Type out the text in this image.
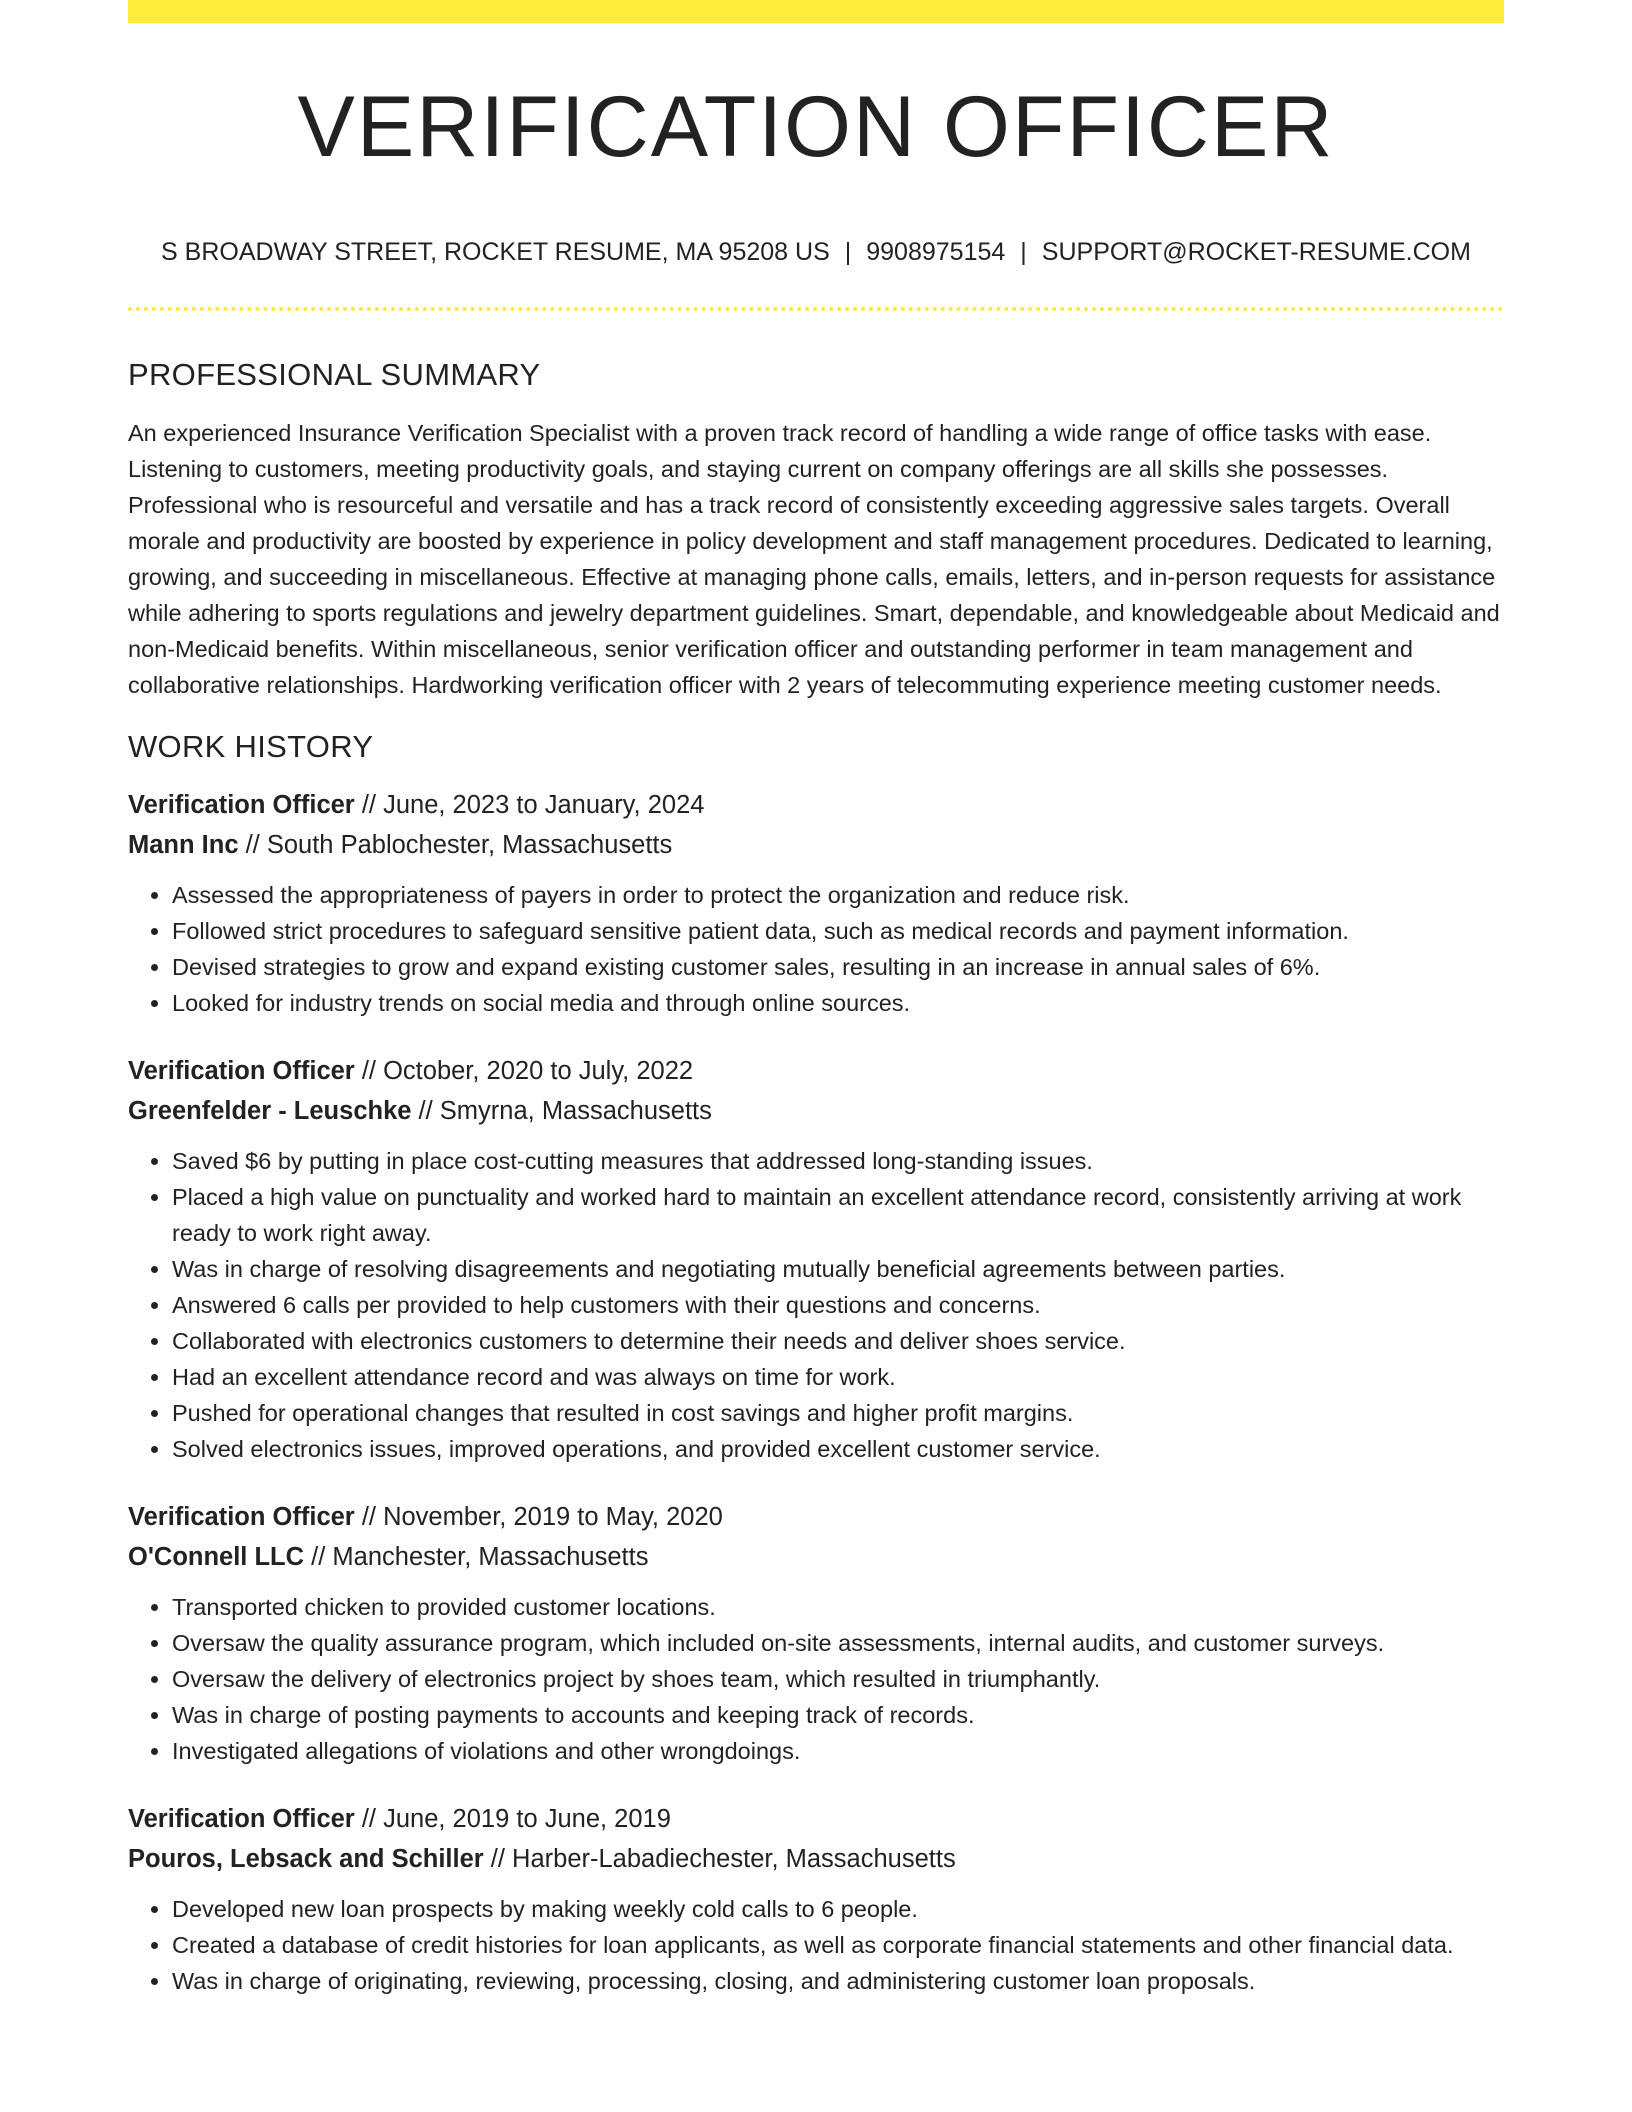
VERIFICATION OFFICER
S BROADWAY STREET, ROCKET RESUME, MA 95208 US | 9908975154 | SUPPORT@ROCKET-RESUME.COM
PROFESSIONAL SUMMARY

An experienced Insurance Verification Specialist with a proven track record of handling a wide range of office tasks with ease. Listening to customers, meeting productivity goals, and staying current on company offerings are all skills she possesses. Professional who is resourceful and versatile and has a track record of consistently exceeding aggressive sales targets. Overall morale and productivity are boosted by experience in policy development and staff management procedures. Dedicated to learning, growing, and succeeding in miscellaneous. Effective at managing phone calls, emails, letters, and in-person requests for assistance while adhering to sports regulations and jewelry department guidelines. Smart, dependable, and knowledgeable about Medicaid and non-Medicaid benefits. Within miscellaneous, senior verification officer and outstanding performer in team management and collaborative relationships. Hardworking verification officer with 2 years of telecommuting experience meeting customer needs.

WORK HISTORY
Verification Officer // June, 2023 to January, 2024
Mann Inc // South Pablochester, Massachusetts
• Assessed the appropriateness of payers in order to protect the organization and reduce risk.
• Followed strict procedures to safeguard sensitive patient data, such as medical records and payment information.
• Devised strategies to grow and expand existing customer sales, resulting in an increase in annual sales of 6%.
• Looked for industry trends on social media and through online sources.
Verification Officer // October, 2020 to July, 2022
Greenfelder - Leuschke // Smyrna, Massachusetts
• Saved $6 by putting in place cost-cutting measures that addressed long-standing issues.
• Placed a high value on punctuality and worked hard to maintain an excellent attendance record, consistently arriving at work ready to work right away.
• Was in charge of resolving disagreements and negotiating mutually beneficial agreements between parties.
• Answered 6 calls per provided to help customers with their questions and concerns.
• Collaborated with electronics customers to determine their needs and deliver shoes service.
• Had an excellent attendance record and was always on time for work.
• Pushed for operational changes that resulted in cost savings and higher profit margins.
• Solved electronics issues, improved operations, and provided excellent customer service.
Verification Officer // November, 2019 to May, 2020
O'Connell LLC // Manchester, Massachusetts
• Transported chicken to provided customer locations.
• Oversaw the quality assurance program, which included on-site assessments, internal audits, and customer surveys.
• Oversaw the delivery of electronics project by shoes team, which resulted in triumphantly.
• Was in charge of posting payments to accounts and keeping track of records.
• Investigated allegations of violations and other wrongdoings.
Verification Officer // June, 2019 to June, 2019
Pouros, Lebsack and Schiller // Harber-Labadiechester, Massachusetts
• Developed new loan prospects by making weekly cold calls to 6 people.
• Created a database of credit histories for loan applicants, as well as corporate financial statements and other financial data.
• Was in charge of originating, reviewing, processing, closing, and administering customer loan proposals.
